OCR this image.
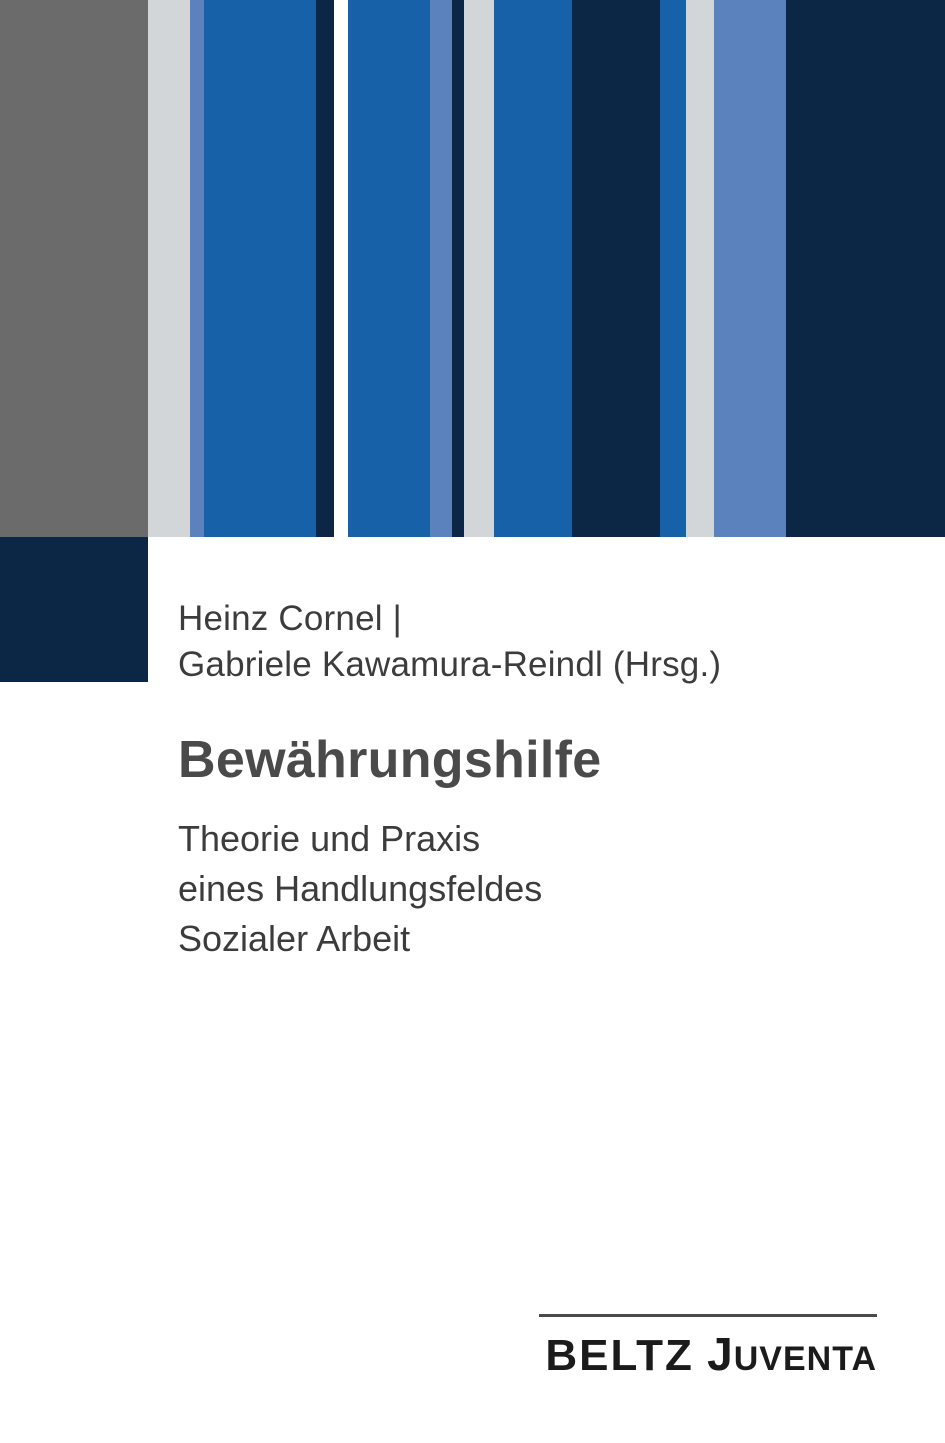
Heinz Cornel |
Gabriele Kawamura-Reindl (Hrsg.)
Bewährungshilfe
Theorie und Praxis
eines Handlungsfeldes
Sozialer Arbeit
BELTZ JUVENTA
